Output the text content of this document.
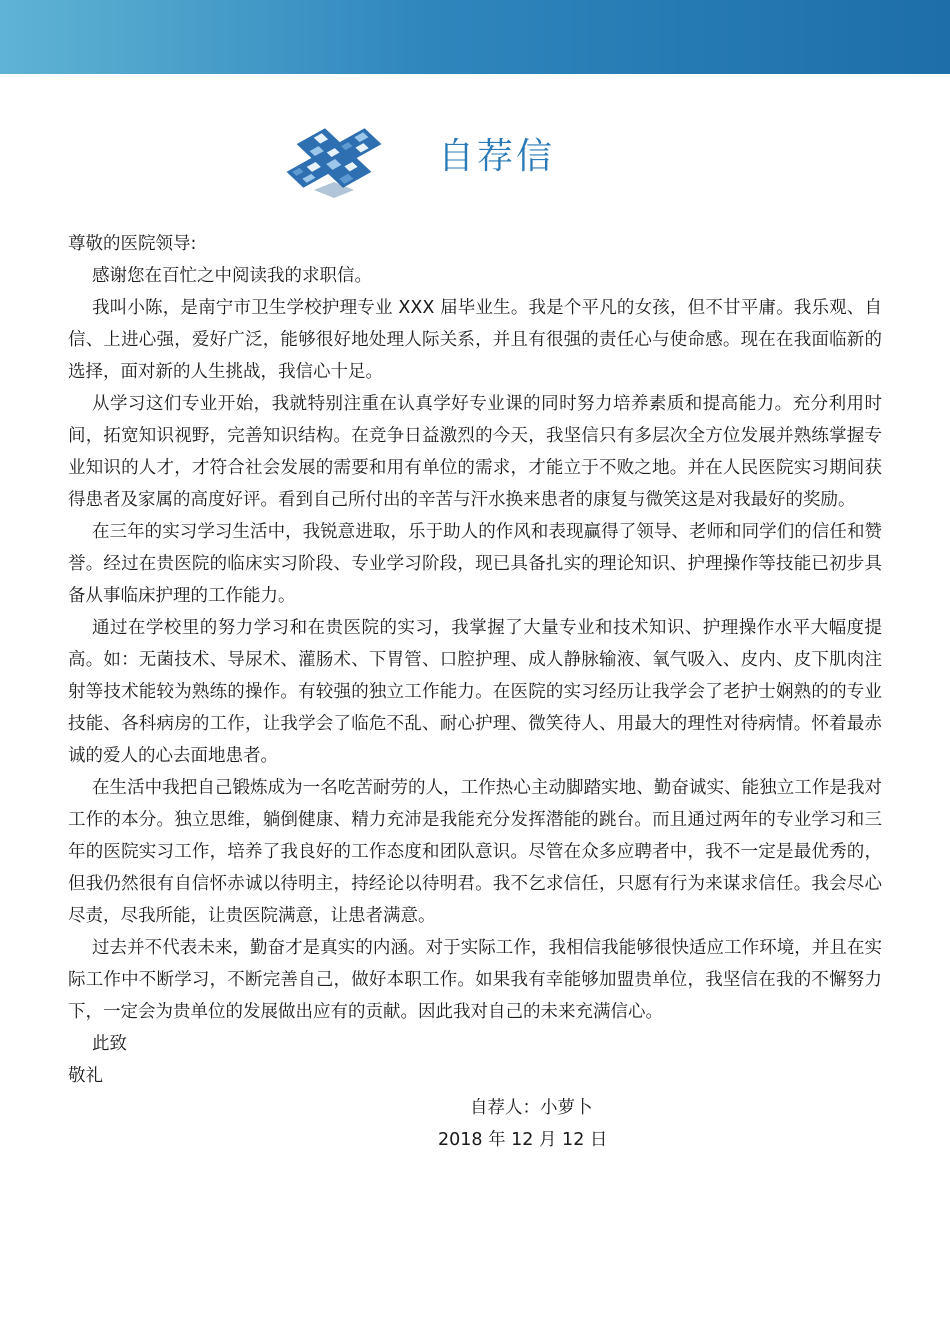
自荐信

尊敬的医院领导:

感谢您在百忙之中阅读我的求职信。

我叫小陈，是南宁市卫生学校护理专业 XXX 届毕业生。我是个平凡的女孩，但不甘平庸。我乐观、自信、上进心强，爱好广泛，能够很好地处理人际关系，并且有很强的责任心与使命感。现在在我面临新的选择，面对新的人生挑战，我信心十足。

从学习这们专业开始，我就特别注重在认真学好专业课的同时努力培养素质和提高能力。充分利用时间，拓宽知识视野，完善知识结构。在竞争日益激烈的今天，我坚信只有多层次全方位发展并熟练掌握专业知识的人才，才符合社会发展的需要和用有单位的需求，才能立于不败之地。并在人民医院实习期间获得患者及家属的高度好评。看到自己所付出的辛苦与汗水换来患者的康复与微笑这是对我最好的奖励。

在三年的实习学习生活中，我锐意进取，乐于助人的作风和表现赢得了领导、老师和同学们的信任和赞誉。经过在贵医院的临床实习阶段、专业学习阶段，现已具备扎实的理论知识、护理操作等技能已初步具备从事临床护理的工作能力。

通过在学校里的努力学习和在贵医院的实习，我掌握了大量专业和技术知识、护理操作水平大幅度提高。如：无菌技术、导尿术、灌肠术、下胃管、口腔护理、成人静脉输液、氧气吸入、皮内、皮下肌肉注射等技术能较为熟练的操作。有较强的独立工作能力。在医院的实习经历让我学会了老护士娴熟的的专业技能、各科病房的工作，让我学会了临危不乱、耐心护理、微笑待人、用最大的理性对待病情。怀着最赤诚的爱人的心去面地患者。

在生活中我把自己锻炼成为一名吃苦耐劳的人，工作热心主动脚踏实地、勤奋诚实、能独立工作是我对工作的本分。独立思维，躺倒健康、精力充沛是我能充分发挥潜能的跳台。而且通过两年的专业学习和三年的医院实习工作，培养了我良好的工作态度和团队意识。尽管在众多应聘者中，我不一定是最优秀的，但我仍然很有自信怀赤诚以待明主，持经论以待明君。我不乞求信任，只愿有行为来谋求信任。我会尽心尽责，尽我所能，让贵医院满意，让患者满意。

过去并不代表未来，勤奋才是真实的内涵。对于实际工作，我相信我能够很快适应工作环境，并且在实际工作中不断学习，不断完善自己，做好本职工作。如果我有幸能够加盟贵单位，我坚信在我的不懈努力下，一定会为贵单位的发展做出应有的贡献。因此我对自己的未来充满信心。

此致

敬礼

自荐人：小萝卜

2018 年 12 月 12 日
